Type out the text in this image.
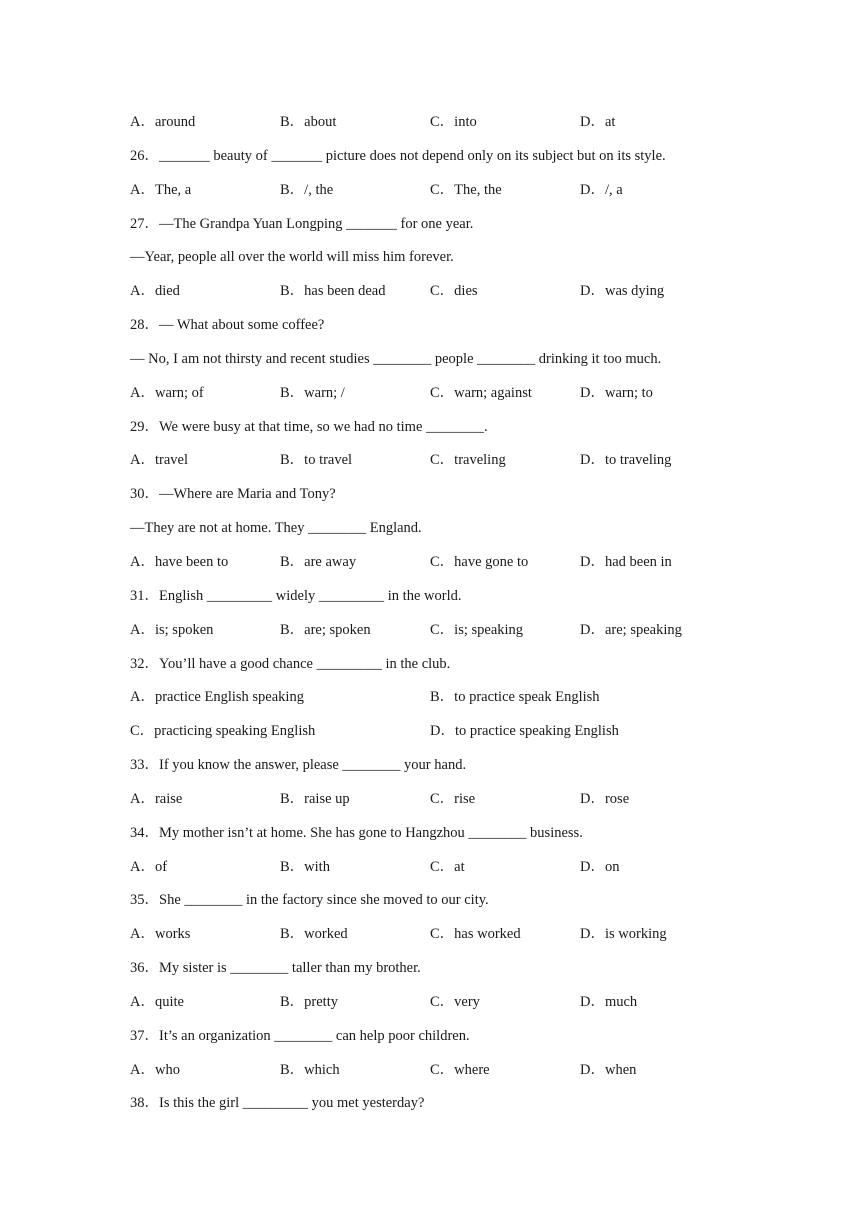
A．around	B．about	C．into	D．at
26．_______ beauty of _______ picture does not depend only on its subject but on its style.
A．The, a	B．/, the	C．The, the	D．/, a
27．—The Grandpa Yuan Longping _______ for one year.
—Year, people all over the world will miss him forever.
A．died	B．has been dead	C．dies	D．was dying
28．— What about some coffee?
— No, I am not thirsty and recent studies ________ people ________ drinking it too much.
A．warn; of	B．warn; /	C．warn; against	D．warn; to
29．We were busy at that time, so we had no time ________.
A．travel	B．to travel	C．traveling	D．to traveling
30．—Where are Maria and Tony?
—They are not at home. They ________ England.
A．have been to	B．are away	C．have gone to	D．had been in
31．English _________ widely _________ in the world.
A．is; spoken	B．are; spoken	C．is; speaking	D．are; speaking
32．You’ll have a good chance _________ in the club.
A．practice English speaking	B．to practice speak English
C．practicing speaking English	D．to practice speaking English
33．If you know the answer, please ________ your hand.
A．raise	B．raise up	C．rise	D．rose
34．My mother isn’t at home. She has gone to Hangzhou ________ business.
A．of	B．with	C．at	D．on
35．She ________ in the factory since she moved to our city.
A．works	B．worked	C．has worked	D．is working
36．My sister is ________ taller than my brother.
A．quite	B．pretty	C．very	D．much
37．It’s an organization ________ can help poor children.
A．who	B．which	C．where	D．when
38．Is this the girl _________ you met yesterday?
